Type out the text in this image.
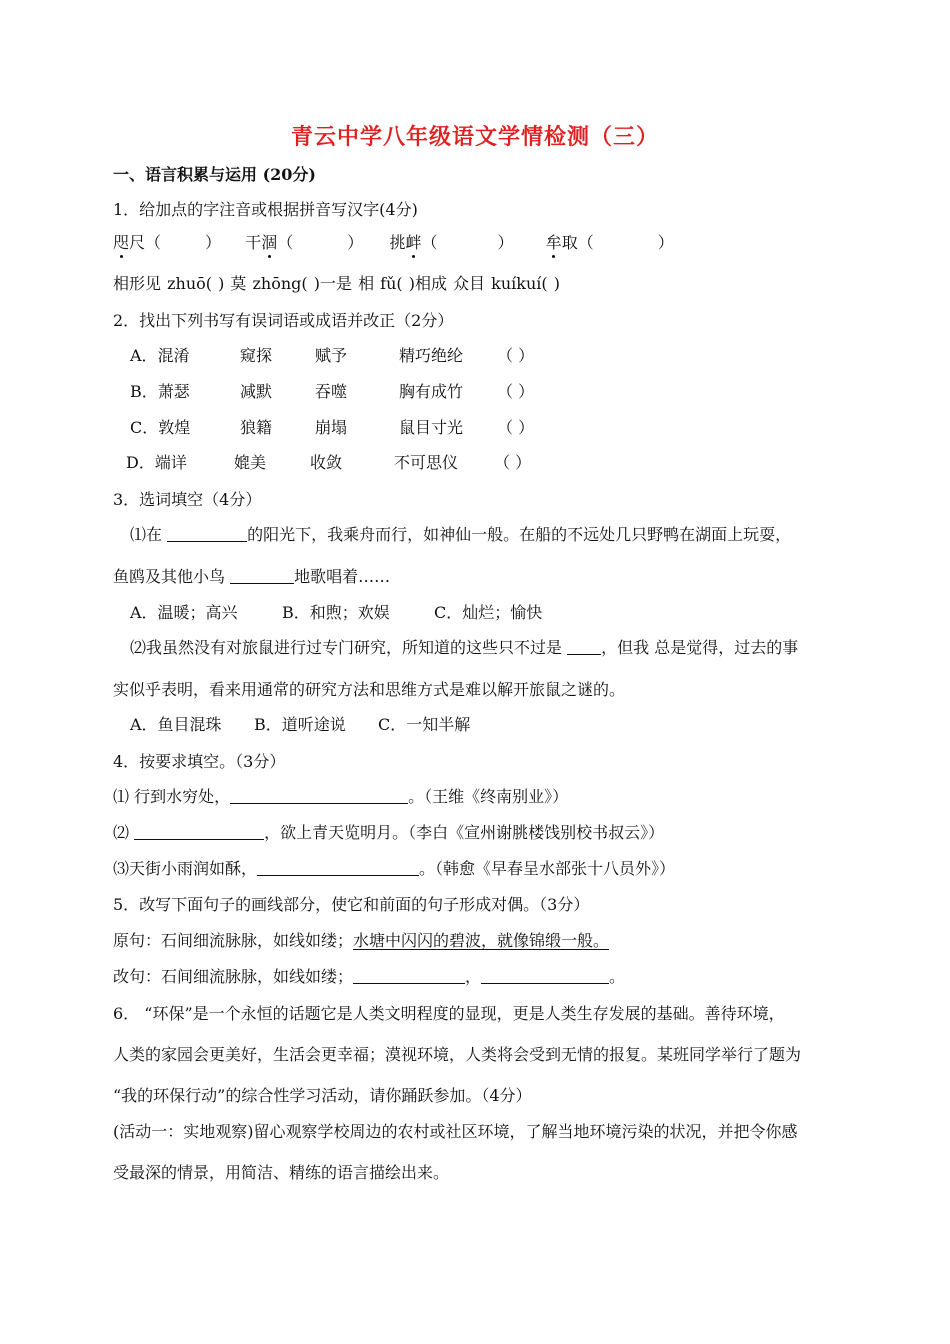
青云中学八年级语文学情检测（三）
一、语言积累与运用 (20分)
1．给加点的字注音或根据拼音写汉字(4分)
咫尺（	） 干涸（	） 挑衅（	） 牟取（	）
相形见 zhuō( ) 莫 zhōng( )一是 相 fǔ( )相成 众目 kuíkuí( )
2．找出下列书写有误词语或成语并改正（2分）
A．混淆	窥探	赋予	精巧绝纶 （ ）
B．萧瑟	减默	吞噬	胸有成竹 （ ）
C．敦煌	狼籍	崩塌	鼠目寸光 （ ）
D．端详	媲美	收敛	不可思仪 （ ）
3．选词填空（4分）
⑴在	的阳光下，我乘舟而行，如神仙一般。在船的不远处几只野鸭在湖面上玩耍，
鱼鸥及其他小鸟	地歌唱着……
A．温暖；高兴	B．和煦；欢娱	C．灿烂；愉快
⑵我虽然没有对旅鼠进行过专门研究，所知道的这些只不过是 ，但我 总是觉得，过去的事
实似乎表明，看来用通常的研究方法和思维方式是难以解开旅鼠之谜的。
A．鱼目混珠 B．道听途说 C．一知半解
4．按要求填空。（3分）
⑴ 行到水穷处，	。（王维《终南别业》）
⑵	，欲上青天览明月。（李白《宣州谢朓楼饯别校书叔云》）
⑶天街小雨润如酥，	。（韩愈《早春呈水部张十八员外》）
5．改写下面句子的画线部分，使它和前面的句子形成对偶。（3分）
原句：石间细流脉脉，如线如缕；水塘中闪闪的碧波，就像锦缎一般。
改句：石间细流脉脉，如线如缕；	，	。
6． “环保”是一个永恒的话题它是人类文明程度的显现，更是人类生存发展的基础。善待环境，
人类的家园会更美好，生活会更幸福；漠视环境，人类将会受到无情的报复。某班同学举行了题为
“我的环保行动”的综合性学习活动，请你踊跃参加。（4分）
(活动一：实地观察)留心观察学校周边的农村或社区环境，了解当地环境污染的状况，并把令你感
受最深的情景，用简洁、精练的语言描绘出来。
